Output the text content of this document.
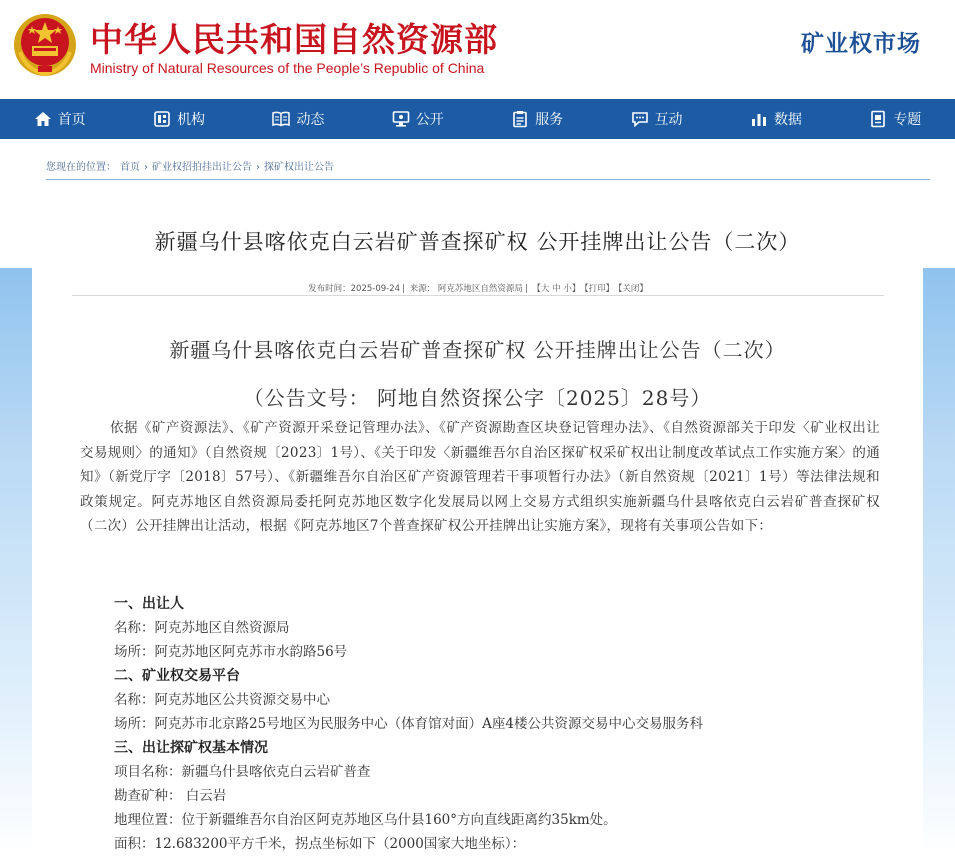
中华人民共和国自然资源部
Ministry of Natural Resources of the People’s Republic of China
矿业权市场
首页	机构	动态	公开	服务	互动	数据	专题
您现在的位置： 首页 › 矿业权招拍挂出让公告 › 探矿权出让公告
新疆乌什县喀依克白云岩矿普查探矿权 公开挂牌出让公告（二次）
发布时间：2025-09-24 | 来源： 阿克苏地区自然资源局 | 【大 中 小】 【打印】 【关闭】
新疆乌什县喀依克白云岩矿普查探矿权 公开挂牌出让公告（二次）
（公告文号： 阿地自然资探公字〔2025〕28号）

依据《矿产资源法》、《矿产资源开采登记管理办法》、《矿产资源勘查区块登记管理办法》、《自然资源部关于印发〈矿业权出让交易规则〉的通知》（自然资规〔2023〕1号）、《关于印发〈新疆维吾尔自治区探矿权采矿权出让制度改革试点工作实施方案〉的通知》（新党厅字〔2018〕57号）、《新疆维吾尔自治区矿产资源管理若干事项暂行办法》（新自然资规〔2021〕1号）等法律法规和政策规定。阿克苏地区自然资源局委托阿克苏地区数字化发展局以网上交易方式组织实施新疆乌什县喀依克白云岩矿普查探矿权（二次）公开挂牌出让活动，根据《阿克苏地区7个普查探矿权公开挂牌出让实施方案》，现将有关事项公告如下：

一、出让人
名称：阿克苏地区自然资源局
场所：阿克苏地区阿克苏市水韵路56号
二、矿业权交易平台
名称：阿克苏地区公共资源交易中心
场所：阿克苏市北京路25号地区为民服务中心（体育馆对面）A座4楼公共资源交易中心交易服务科
三、出让探矿权基本情况
项目名称：新疆乌什县喀依克白云岩矿普查
勘查矿种： 白云岩
地理位置：位于新疆维吾尔自治区阿克苏地区乌什县160°方向直线距离约35km处。
面积：12.683200平方千米，拐点坐标如下（2000国家大地坐标）：
